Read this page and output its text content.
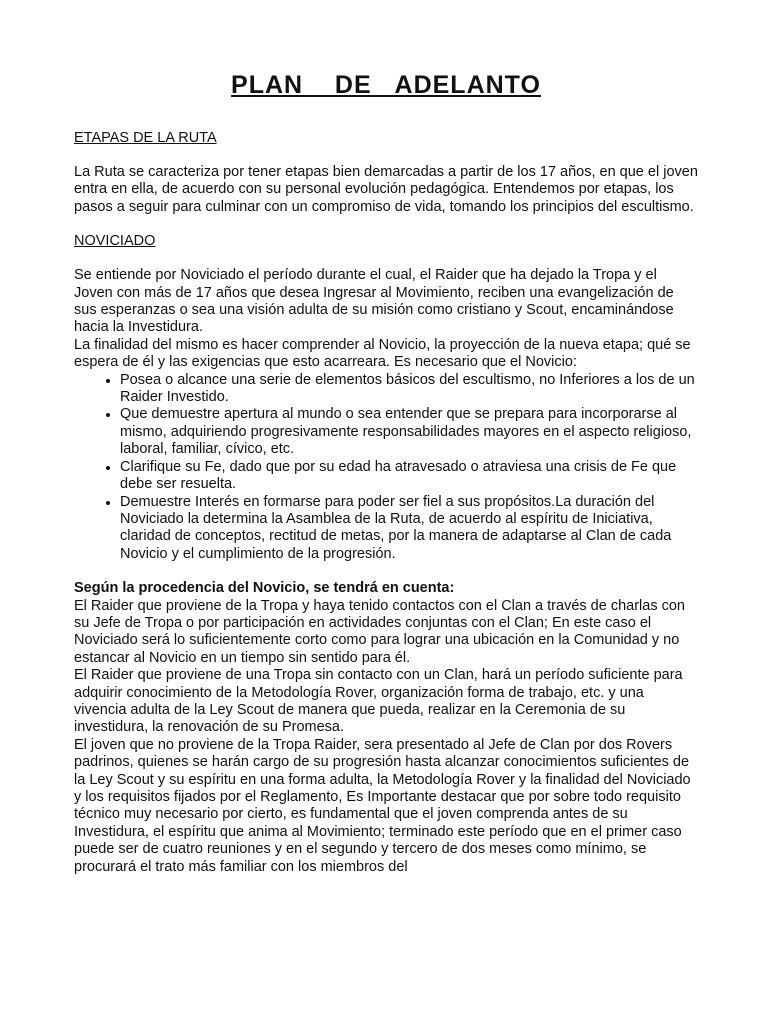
PLAN    DE   ADELANTO
ETAPAS DE LA RUTA

La Ruta se caracteriza por tener etapas bien demarcadas a partir de los 17 años, en que el joven entra en ella, de acuerdo con su personal evolución pedagógica. Entendemos por etapas, los pasos a seguir para culminar con un compromiso de vida, tomando los principios del escultismo.

NOVICIADO

Se entiende por Noviciado el período durante el cual, el Raider que ha dejado la Tropa y el Joven con más de 17 años que desea Ingresar al Movimiento, reciben una evangelización de sus esperanzas o sea una visión adulta de su misión como cristiano y Scout, encaminándose hacia la Investidura.

La finalidad del mismo es hacer comprender al Novicio, la proyección de la nueva etapa; qué se espera de él y las exigencias que esto acarreara. Es necesario que el Novicio:

• Posea o alcance una serie de elementos básicos del escultismo, no Inferiores a los de un Raider Investido.
• Que demuestre apertura al mundo o sea entender que se prepara para incorporarse al mismo, adquiriendo progresivamente responsabilidades mayores en el aspecto religioso, laboral, familiar, cívico, etc.
• Clarifique su Fe, dado que por su edad ha atravesado o atraviesa una crisis de Fe que debe ser resuelta.
• Demuestre Interés en formarse para poder ser fiel a sus propósitos.La duración del Noviciado la determina la Asamblea de la Ruta, de acuerdo al espíritu de Iniciativa, claridad de conceptos, rectitud de metas, por la manera de adaptarse al Clan de cada Novicio y el cumplimiento de la progresión.

Según la procedencia del Novicio, se tendrá en cuenta:

El Raider que proviene de la Tropa y haya tenido contactos con el Clan a través de charlas con su Jefe de Tropa o por participación en actividades conjuntas con el Clan; En este caso el Noviciado será lo suficientemente corto como para lograr una ubicación en la Comunidad y no estancar al Novicio en un tiempo sin sentido para él.

El Raider que proviene de una Tropa sin contacto con un Clan, hará un período suficiente para adquirir conocimiento de la Metodología Rover, organización forma de trabajo, etc. y una vivencia adulta de la Ley Scout de manera que pueda, realizar en la Ceremonia de su investidura, la renovación de su Promesa.

El joven que no proviene de la Tropa Raider, sera presentado al Jefe de Clan por dos Rovers padrinos, quienes se harán cargo de su progresión hasta alcanzar conocimientos suficientes de la Ley Scout y su espíritu en una forma adulta, la Metodología Rover y la finalidad del Noviciado y los requisitos fijados por el Reglamento, Es Importante destacar que por sobre todo requisito técnico muy necesario por cierto, es fundamental que el joven comprenda antes de su Investidura, el espíritu que anima al Movimiento; terminado este período que en el primer caso puede ser de cuatro reuniones y en el segundo y tercero de dos meses como mínimo, se procurará el trato más familiar con los miembros del
